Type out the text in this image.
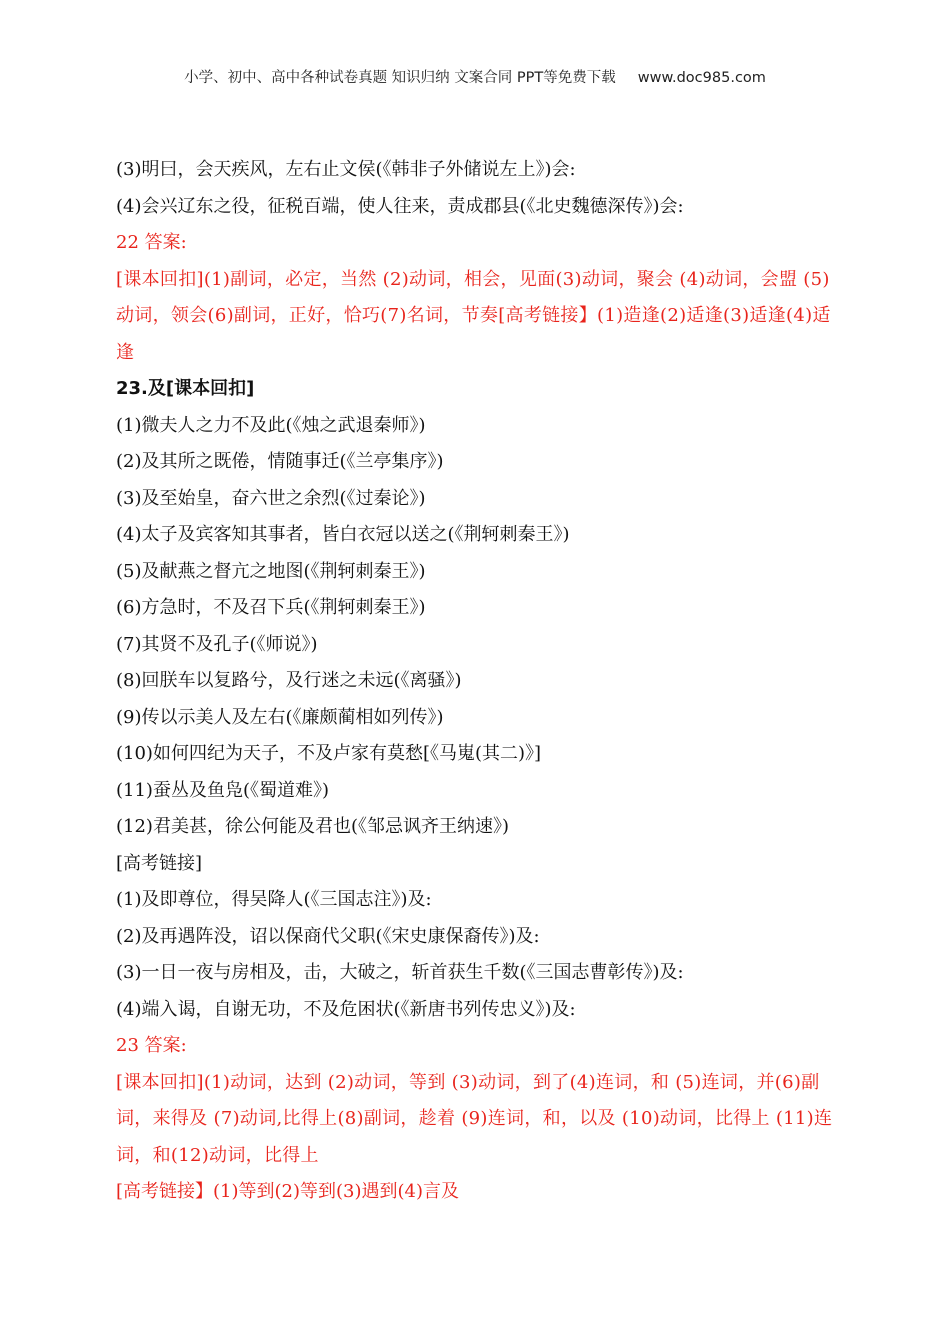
小学、初中、高中各种试卷真题 知识归纳 文案合同 PPT等免费下载 www.doc985.com
(3)明曰，会天疾风，左右止文侯(《韩非子外储说左上》)会:
(4)会兴辽东之役，征税百端，使人往来，责成郡县(《北史魏德深传》)会:
22 答案:
[课本回扣](1)副词，必定，当然 (2)动词，相会，见面(3)动词，聚会 (4)动词，会盟 (5)动词，领会(6)副词，正好，恰巧(7)名词，节奏[高考链接】(1)造逢(2)适逢(3)适逢(4)适逢
23.及[课本回扣]
(1)微夫人之力不及此(《烛之武退秦师》)
(2)及其所之既倦，情随事迁(《兰亭集序》)
(3)及至始皇，奋六世之余烈(《过秦论》)
(4)太子及宾客知其事者，皆白衣冠以送之(《荆轲刺秦王》)
(5)及献燕之督亢之地图(《荆轲刺秦王》)
(6)方急时，不及召下兵(《荆轲刺秦王》)
(7)其贤不及孔子(《师说》)
(8)回朕车以复路兮，及行迷之未远(《离骚》)
(9)传以示美人及左右(《廉颇蔺相如列传》)
(10)如何四纪为天子，不及卢家有莫愁[《马嵬(其二)》]
(11)蚕丛及鱼凫(《蜀道难》)
(12)君美甚，徐公何能及君也(《邹忌讽齐王纳速》)
[高考链接]
(1)及即尊位，得吴降人(《三国志注》)及:
(2)及再遇阵没，诏以保商代父职(《宋史康保裔传》)及:
(3)一日一夜与房相及，击，大破之，斩首获生千数(《三国志曹彰传》)及:
(4)端入谒，自谢无功，不及危困状(《新唐书列传忠义》)及:
23 答案:
[课本回扣](1)动词，达到 (2)动词，等到 (3)动词，到了(4)连词，和 (5)连词，并(6)副词，来得及 (7)动词,比得上(8)副词，趁着 (9)连词，和，以及 (10)动词，比得上 (11)连词，和(12)动词，比得上
[高考链接】(1)等到(2)等到(3)遇到(4)言及
